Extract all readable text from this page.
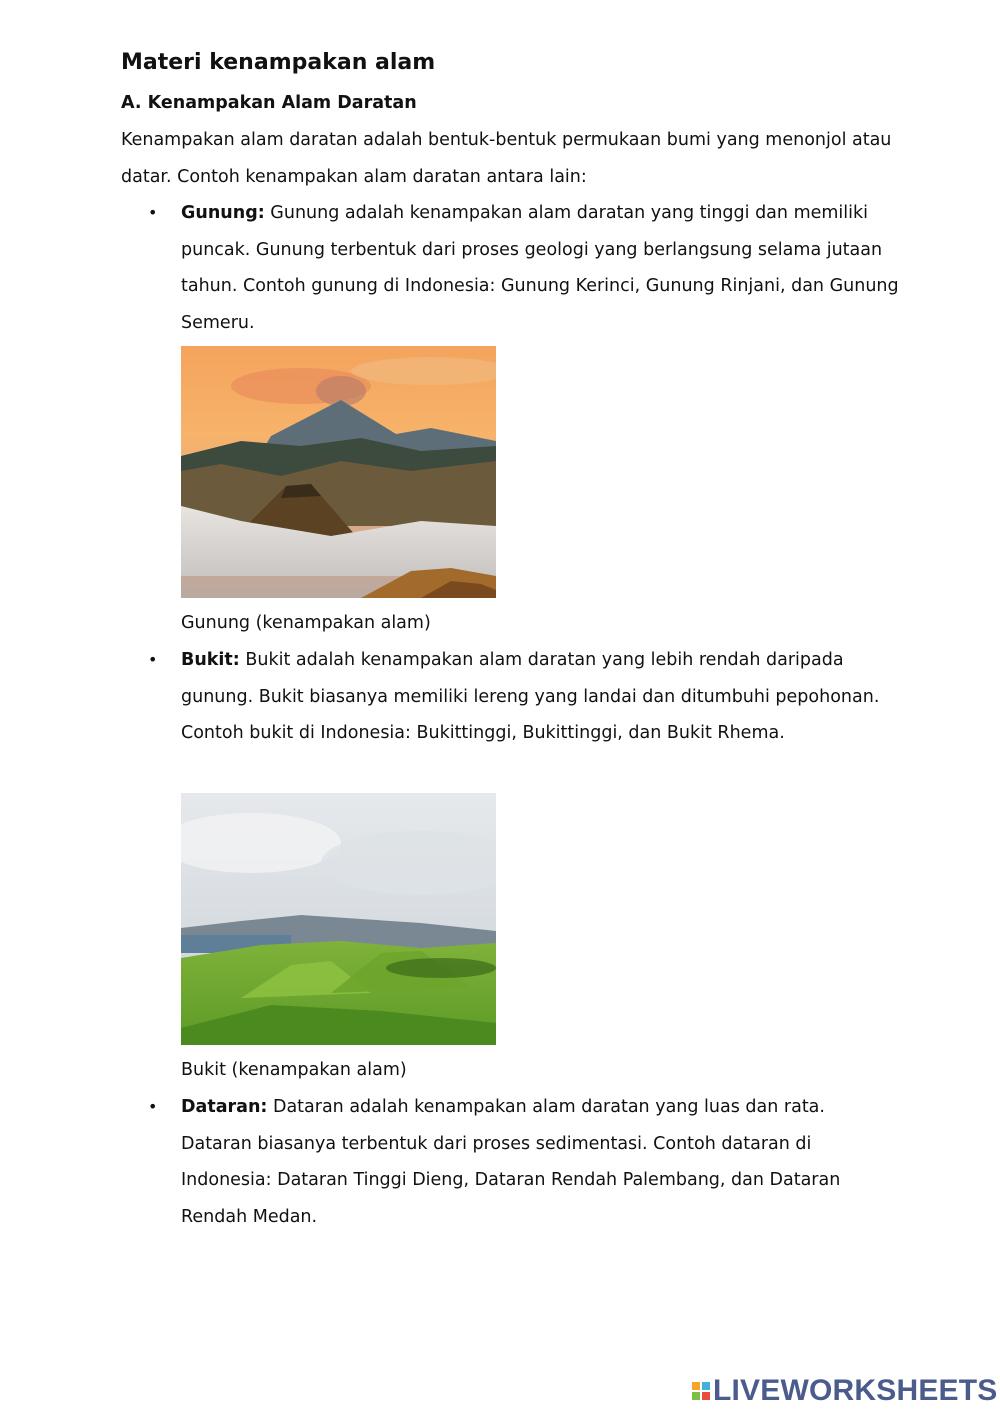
Materi kenampakan alam
A. Kenampakan Alam Daratan

Kenampakan alam daratan adalah bentuk-bentuk permukaan bumi yang menonjol atau datar. Contoh kenampakan alam daratan antara lain:

• Gunung: Gunung adalah kenampakan alam daratan yang tinggi dan memiliki puncak. Gunung terbentuk dari proses geologi yang berlangsung selama jutaan tahun. Contoh gunung di Indonesia: Gunung Kerinci, Gunung Rinjani, dan Gunung Semeru.

Gunung (kenampakan alam)

• Bukit: Bukit adalah kenampakan alam daratan yang lebih rendah daripada gunung. Bukit biasanya memiliki lereng yang landai dan ditumbuhi pepohonan. Contoh bukit di Indonesia: Bukittinggi, Bukittinggi, dan Bukit Rhema.

Bukit (kenampakan alam)

• Dataran: Dataran adalah kenampakan alam daratan yang luas dan rata. Dataran biasanya terbentuk dari proses sedimentasi. Contoh dataran di Indonesia: Dataran Tinggi Dieng, Dataran Rendah Palembang, dan Dataran Rendah Medan.

LIVEWORKSHEETS
